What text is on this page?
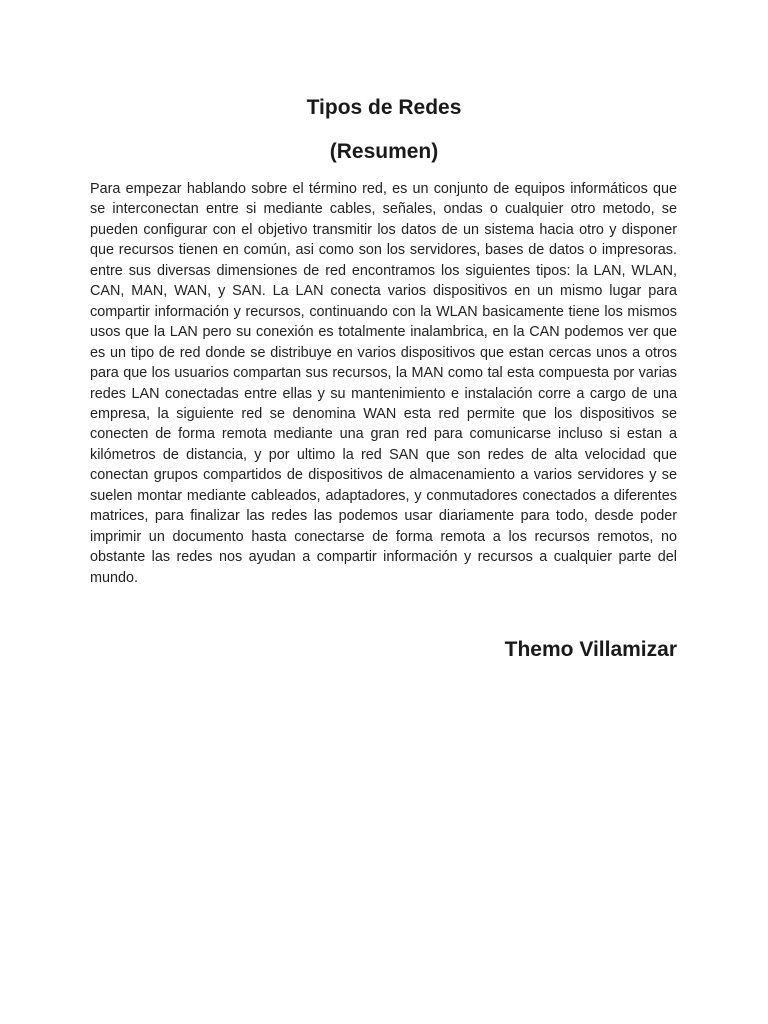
Tipos de Redes
(Resumen)

Para empezar hablando sobre el término red, es un conjunto de equipos informáticos que se interconectan entre si mediante cables, señales, ondas o cualquier otro metodo, se pueden configurar con el objetivo transmitir los datos de un sistema hacia otro y disponer que recursos tienen en común, asi como son los servidores, bases de datos o impresoras. entre sus diversas dimensiones de red encontramos los siguientes tipos: la LAN, WLAN, CAN, MAN, WAN, y SAN. La LAN conecta varios dispositivos en un mismo lugar para compartir información y recursos, continuando con la WLAN basicamente tiene los mismos usos que la LAN pero su conexión es totalmente inalambrica, en la CAN podemos ver que es un tipo de red donde se distribuye en varios dispositivos que estan cercas unos a otros para que los usuarios compartan sus recursos, la MAN como tal esta compuesta por varias redes LAN conectadas entre ellas y su mantenimiento e instalación corre a cargo de una empresa, la siguiente red se denomina WAN esta red permite que los dispositivos se conecten de forma remota mediante una gran red para comunicarse incluso si estan a kilómetros de distancia, y por ultimo la red SAN que son redes de alta velocidad que conectan grupos compartidos de dispositivos de almacenamiento a varios servidores y se suelen montar mediante cableados, adaptadores, y conmutadores conectados a diferentes matrices, para finalizar las redes las podemos usar diariamente para todo, desde poder imprimir un documento hasta conectarse de forma remota a los recursos remotos, no obstante las redes nos ayudan a compartir información y recursos a cualquier parte del mundo.

Themo Villamizar
